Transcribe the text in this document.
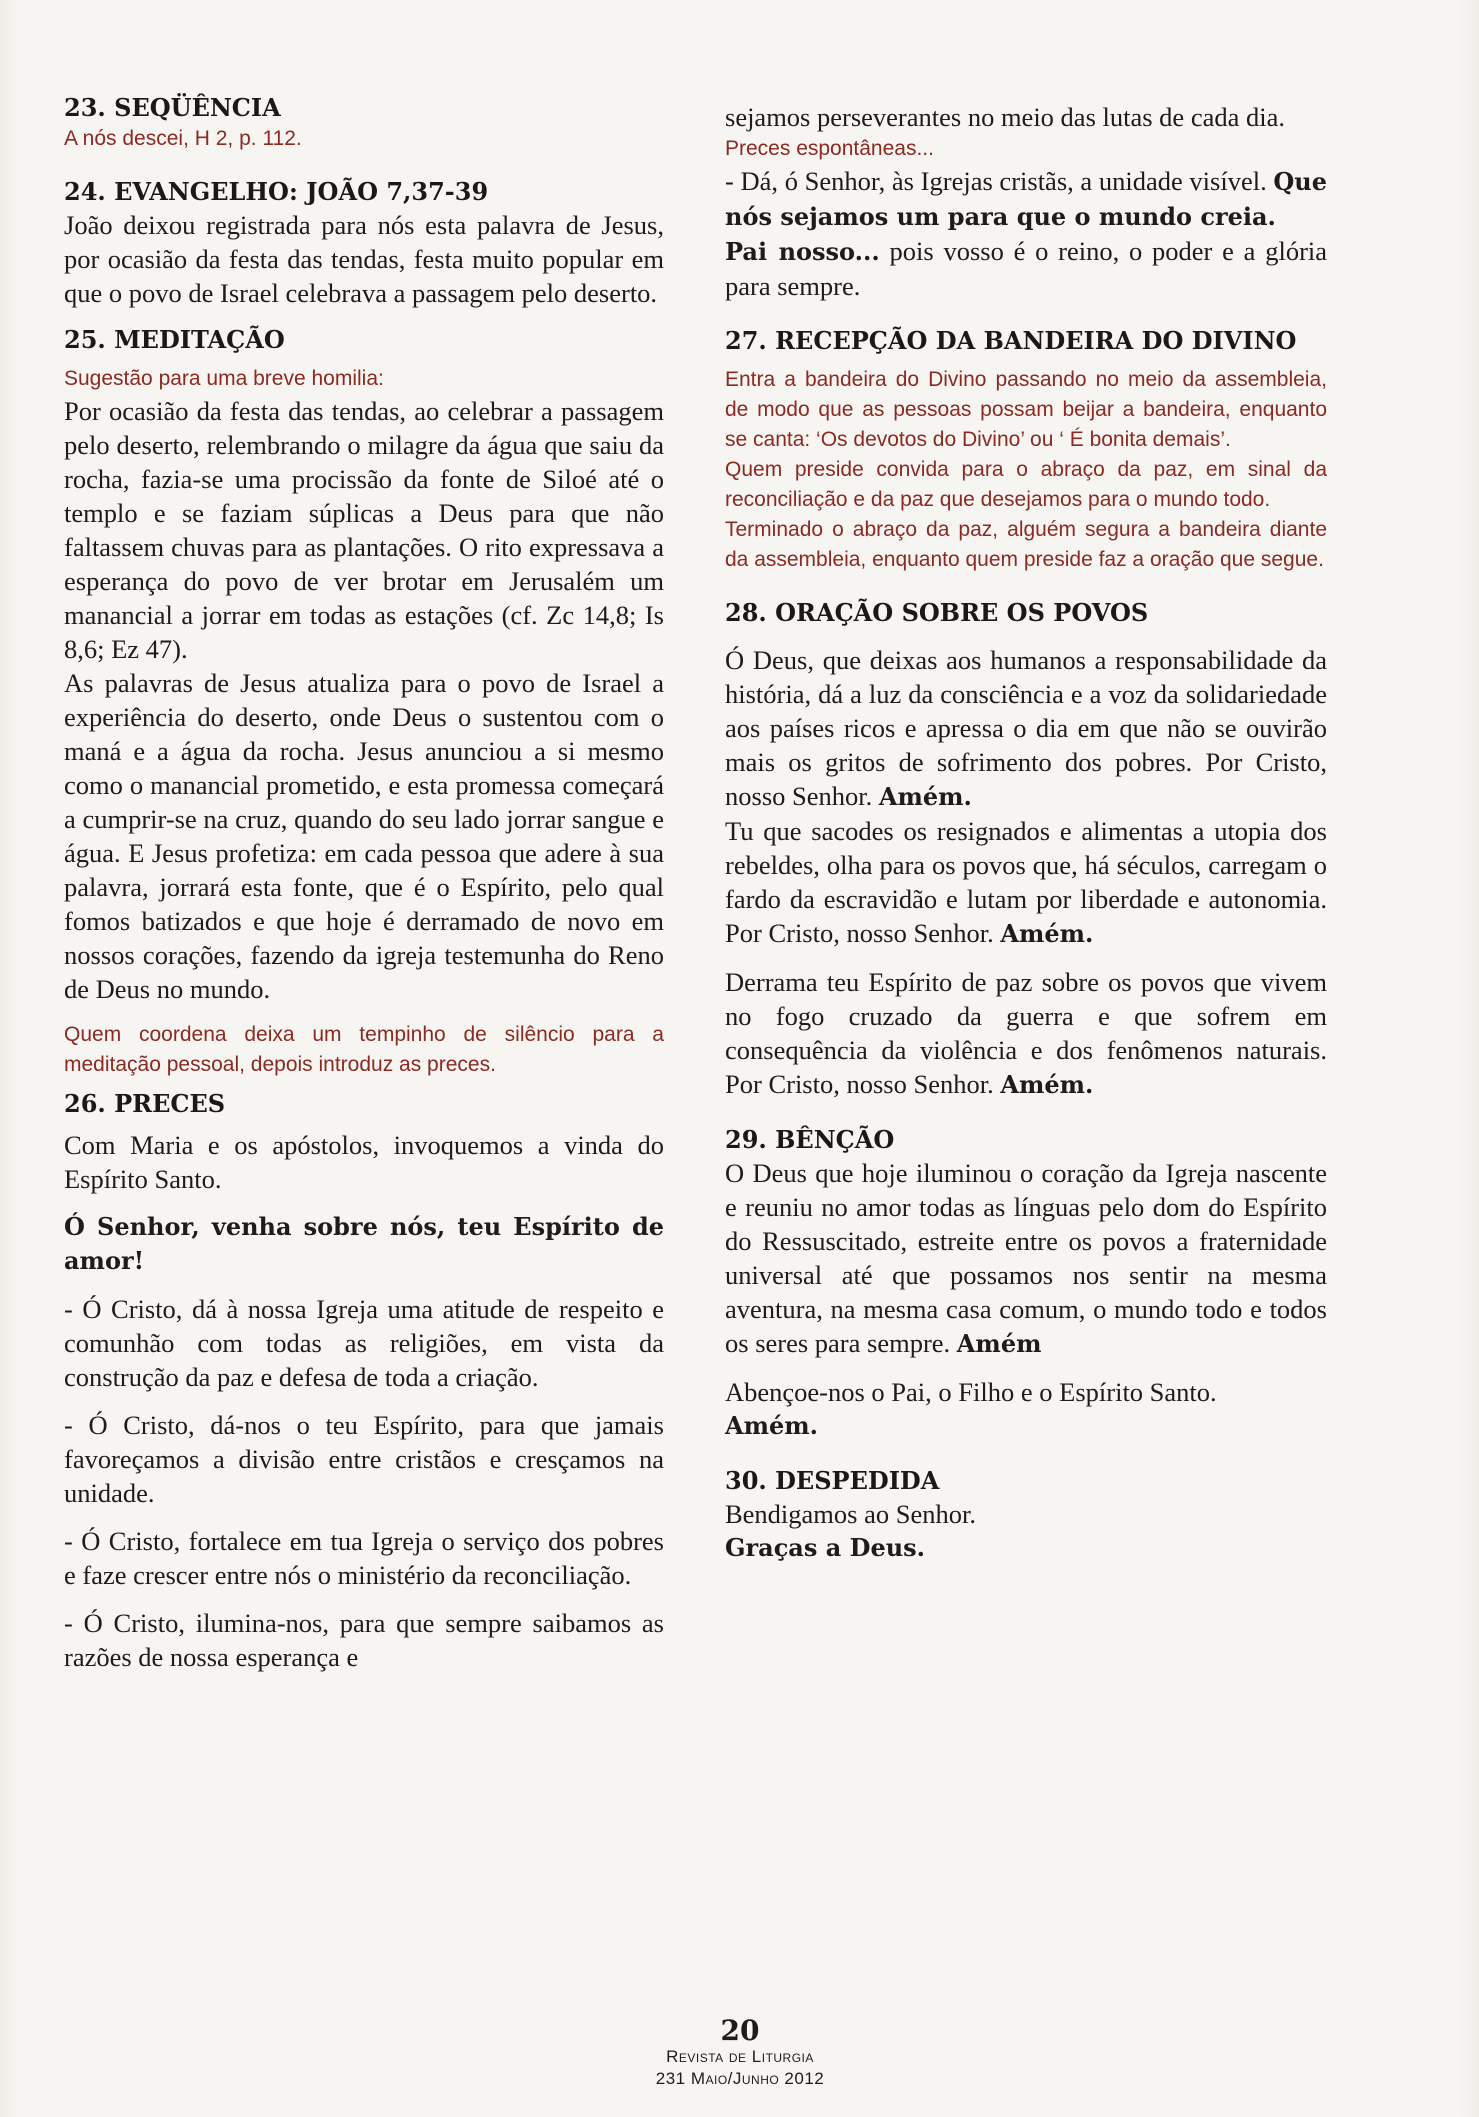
23. SEQÜÊNCIA

A nós descei, H 2, p. 112.

24. EVANGELHO: JOÃO 7,37-39

João deixou registrada para nós esta palavra de Jesus, por ocasião da festa das tendas, festa muito popular em que o povo de Israel celebrava a passagem pelo deserto.

25. MEDITAÇÃO

Sugestão para uma breve homilia:

Por ocasião da festa das tendas, ao celebrar a passagem pelo deserto, relembrando o milagre da água que saiu da rocha, fazia-se uma procissão da fonte de Siloé até o templo e se faziam súplicas a Deus para que não faltassem chuvas para as plantações. O rito expressava a esperança do povo de ver brotar em Jerusalém um manancial a jorrar em todas as estações (cf. Zc 14,8; Is 8,6; Ez 47).

As palavras de Jesus atualiza para o povo de Israel a experiência do deserto, onde Deus o sustentou com o maná e a água da rocha. Jesus anunciou a si mesmo como o manancial prometido, e esta promessa começará a cumprir-se na cruz, quando do seu lado jorrar sangue e água. E Jesus profetiza: em cada pessoa que adere à sua palavra, jorrará esta fonte, que é o Espírito, pelo qual fomos batizados e que hoje é derramado de novo em nossos corações, fazendo da igreja testemunha do Reno de Deus no mundo.

Quem coordena deixa um tempinho de silêncio para a meditação pessoal, depois introduz as preces.

26. PRECES

Com Maria e os apóstolos, invoquemos a vinda do Espírito Santo.

Ó Senhor, venha sobre nós, teu Espírito de amor!

- Ó Cristo, dá à nossa Igreja uma atitude de respeito e comunhão com todas as religiões, em vista da construção da paz e defesa de toda a criação.

- Ó Cristo, dá-nos o teu Espírito, para que jamais favoreçamos a divisão entre cristãos e cresçamos na unidade.

- Ó Cristo, fortalece em tua Igreja o serviço dos pobres e faze crescer entre nós o ministério da reconciliação.

- Ó Cristo, ilumina-nos, para que sempre saibamos as razões de nossa esperança e

sejamos perseverantes no meio das lutas de cada dia.

Preces espontâneas...

- Dá, ó Senhor, às Igrejas cristãs, a unidade visível. Que nós sejamos um para que o mundo creia.

Pai nosso... pois vosso é o reino, o poder e a glória para sempre.

27. RECEPÇÃO DA BANDEIRA DO DIVINO

Entra a bandeira do Divino passando no meio da assembleia, de modo que as pessoas possam beijar a bandeira, enquanto se canta: ‘Os devotos do Divino’ ou ‘ É bonita demais’.

Quem preside convida para o abraço da paz, em sinal da reconciliação e da paz que desejamos para o mundo todo.

Terminado o abraço da paz, alguém segura a bandeira diante da assembleia, enquanto quem preside faz a oração que segue.

28. ORAÇÃO SOBRE OS POVOS

Ó Deus, que deixas aos humanos a responsabilidade da história, dá a luz da consciência e a voz da solidariedade aos países ricos e apressa o dia em que não se ouvirão mais os gritos de sofrimento dos pobres. Por Cristo, nosso Senhor. Amém.

Tu que sacodes os resignados e alimentas a utopia dos rebeldes, olha para os povos que, há séculos, carregam o fardo da escravidão e lutam por liberdade e autonomia. Por Cristo, nosso Senhor. Amém.

Derrama teu Espírito de paz sobre os povos que vivem no fogo cruzado da guerra e que sofrem em consequência da violência e dos fenômenos naturais. Por Cristo, nosso Senhor. Amém.

29. BÊNÇÃO

O Deus que hoje iluminou o coração da Igreja nascente e reuniu no amor todas as línguas pelo dom do Espírito do Ressuscitado, estreite entre os povos a fraternidade universal até que possamos nos sentir na mesma aventura, na mesma casa comum, o mundo todo e todos os seres para sempre. Amém

Abençoe-nos o Pai, o Filho e o Espírito Santo.

Amém.

30. DESPEDIDA

Bendigamos ao Senhor.

Graças a Deus.

20
Revista de Liturgia
231 Maio/Junho 2012
